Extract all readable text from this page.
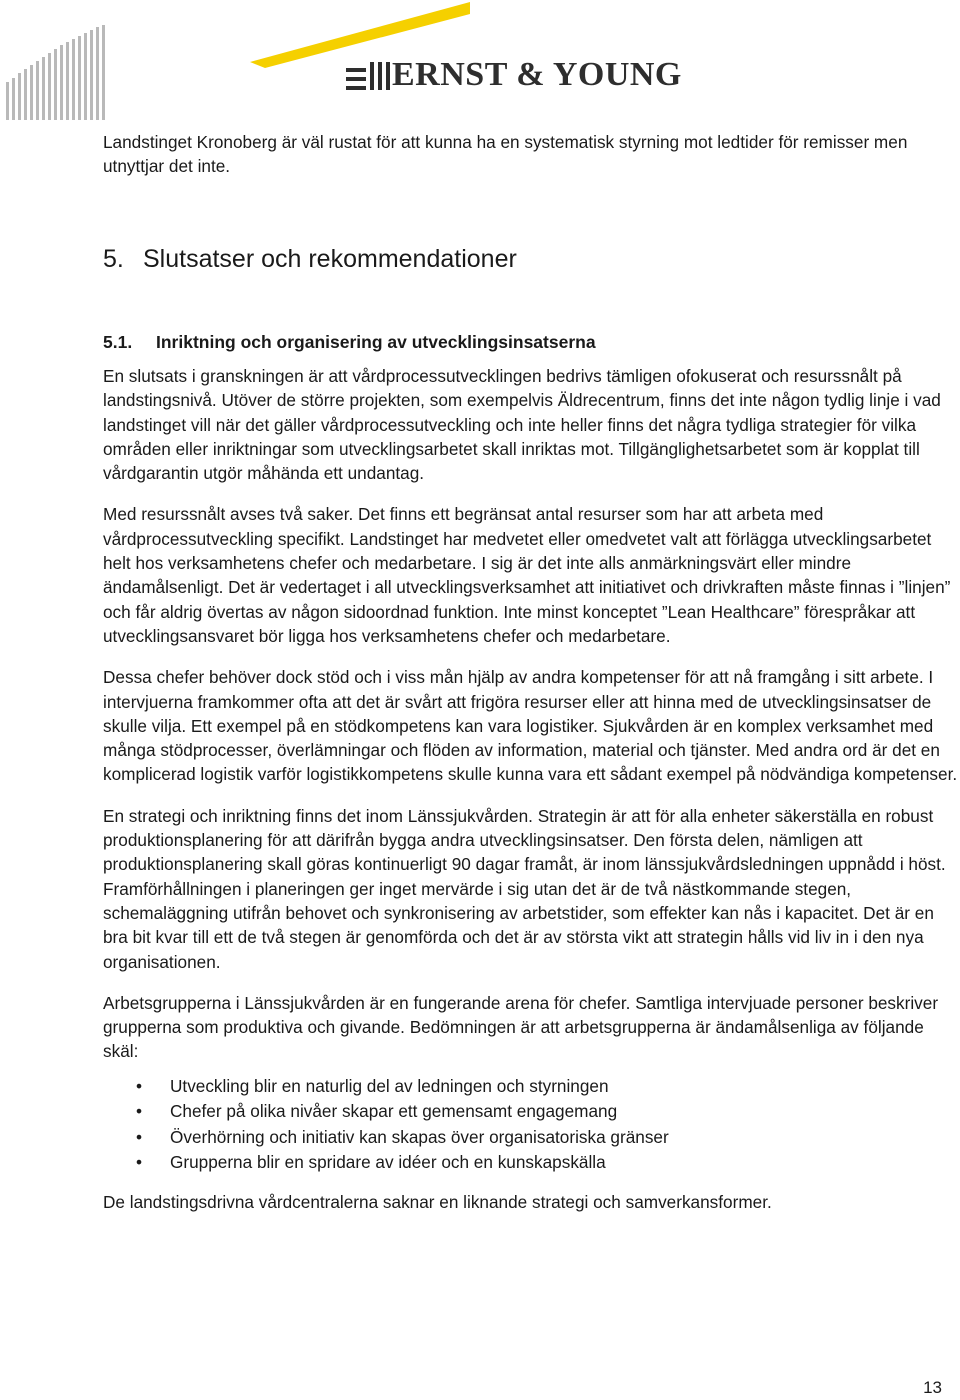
ERNST & YOUNG

Landstinget Kronoberg är väl rustat för att kunna ha en systematisk styrning mot ledtider för remisser men utnyttjar det inte.

5. Slutsatser och rekommendationer
5.1. Inriktning och organisering av utvecklingsinsatserna

En slutsats i granskningen är att vårdprocessutvecklingen bedrivs tämligen ofokuserat och resurssnålt på landstingsnivå. Utöver de större projekten, som exempelvis Äldrecentrum, finns det inte någon tydlig linje i vad landstinget vill när det gäller vårdprocessutveckling och inte heller finns det några tydliga strategier för vilka områden eller inriktningar som utvecklingsarbetet skall inriktas mot. Tillgänglighetsarbetet som är kopplat till vårdgarantin utgör måhända ett undantag.

Med resurssnålt avses två saker. Det finns ett begränsat antal resurser som har att arbeta med vårdprocessutveckling specifikt. Landstinget har medvetet eller omedvetet valt att förlägga utvecklingsarbetet helt hos verksamhetens chefer och medarbetare. I sig är det inte alls anmärkningsvärt eller mindre ändamålsenligt. Det är vedertaget i all utvecklingsverksamhet att initiativet och drivkraften måste finnas i ”linjen” och får aldrig övertas av någon sidoordnad funktion. Inte minst konceptet ”Lean Healthcare” förespråkar att utvecklingsansvaret bör ligga hos verksamhetens chefer och medarbetare.

Dessa chefer behöver dock stöd och i viss mån hjälp av andra kompetenser för att nå framgång i sitt arbete. I intervjuerna framkommer ofta att det är svårt att frigöra resurser eller att hinna med de utvecklingsinsatser de skulle vilja. Ett exempel på en stödkompetens kan vara logistiker. Sjukvården är en komplex verksamhet med många stödprocesser, överlämningar och flöden av information, material och tjänster. Med andra ord är det en komplicerad logistik varför logistikkompetens skulle kunna vara ett sådant exempel på nödvändiga kompetenser.

En strategi och inriktning finns det inom Länssjukvården. Strategin är att för alla enheter säkerställa en robust produktionsplanering för att därifrån bygga andra utvecklingsinsatser. Den första delen, nämligen att produktionsplanering skall göras kontinuerligt 90 dagar framåt, är inom länssjukvårdsledningen uppnådd i höst. Framförhållningen i planeringen ger inget mervärde i sig utan det är de två nästkommande stegen, schemaläggning utifrån behovet och synkronisering av arbetstider, som effekter kan nås i kapacitet. Det är en bra bit kvar till ett de två stegen är genomförda och det är av största vikt att strategin hålls vid liv in i den nya organisationen.

Arbetsgrupperna i Länssjukvården är en fungerande arena för chefer. Samtliga intervjuade personer beskriver grupperna som produktiva och givande. Bedömningen är att arbetsgrupperna är ändamålsenliga av följande skäl:

• Utveckling blir en naturlig del av ledningen och styrningen
• Chefer på olika nivåer skapar ett gemensamt engagemang
• Överhörning och initiativ kan skapas över organisatoriska gränser
• Grupperna blir en spridare av idéer och en kunskapskälla

De landstingsdrivna vårdcentralerna saknar en liknande strategi och samverkansformer.

13
